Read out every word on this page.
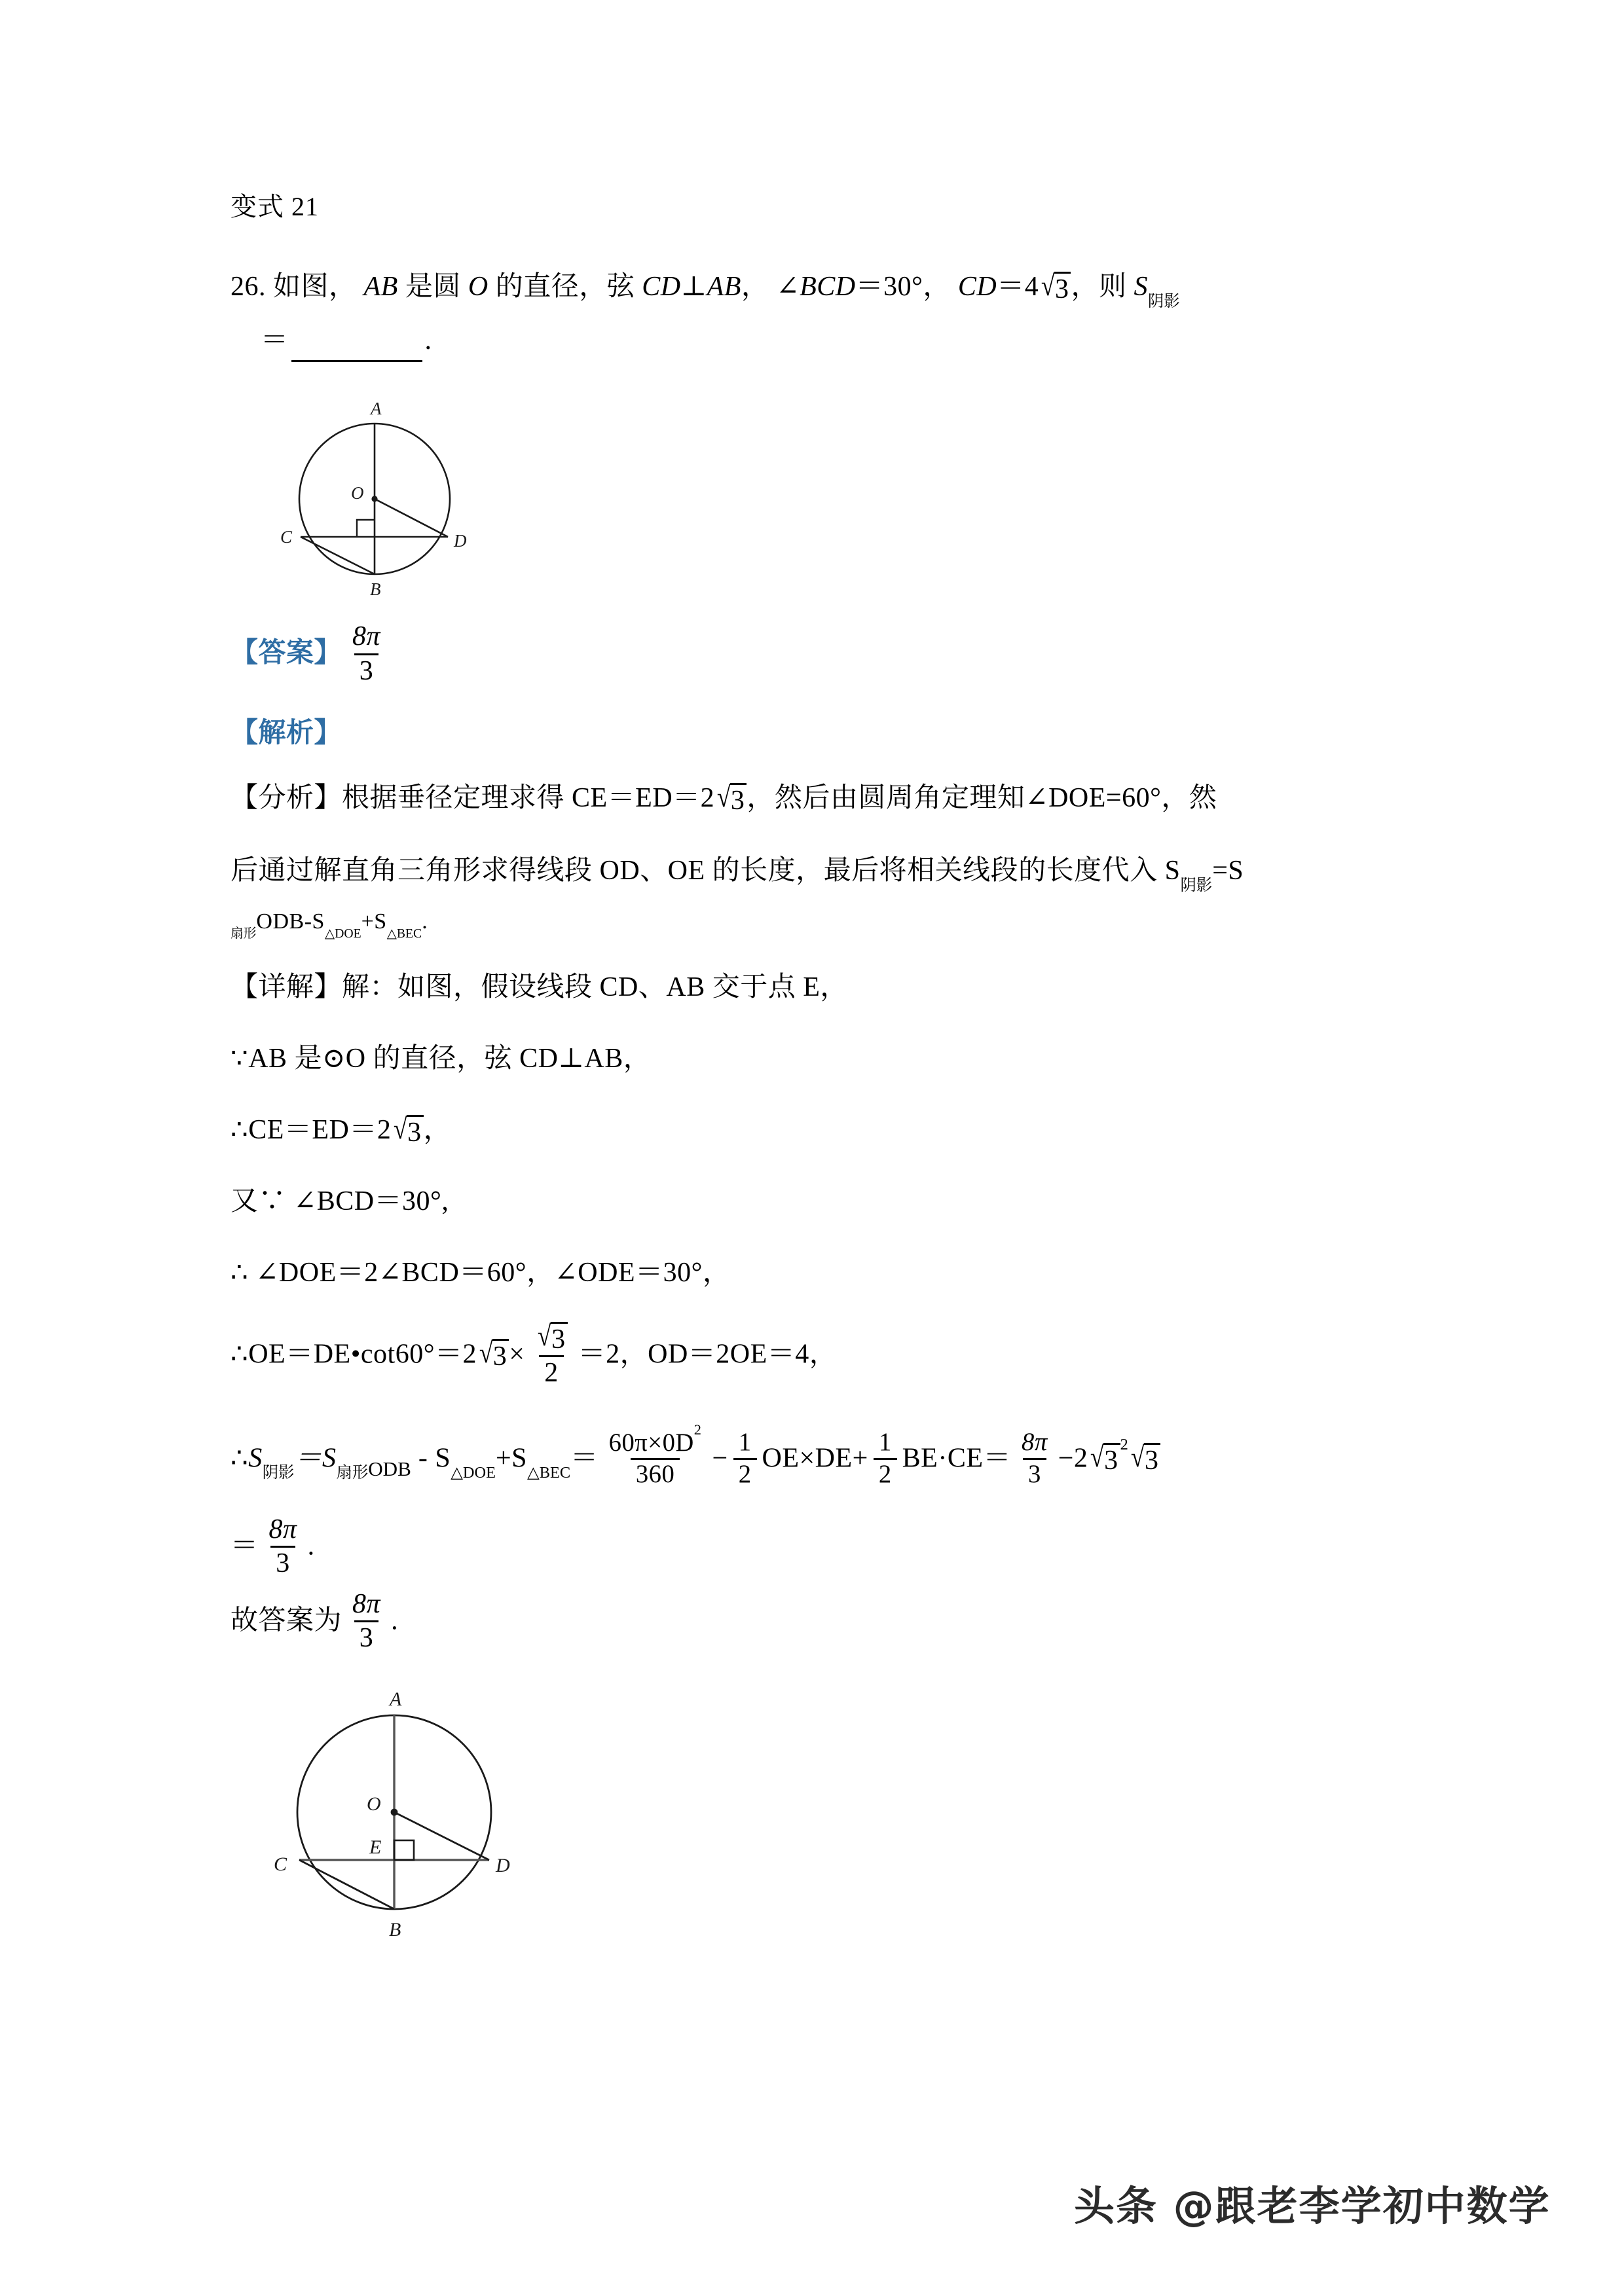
变式 21
26. 如图， AB 是圆 O 的直径，弦 CD⊥AB， ∠BCD＝30°， CD＝4 √ 3 ，则 $S_{阴影}$
＝	.
A
B
C	D
O
【答案】 $\frac{8\pi}{3}$
【解析】
【分析】根据垂径定理求得 CE＝ED＝2 √ 3 ，然后由圆周角定理知∠DOE=60°，然
后通过解直角三角形求得线段 OD、OE 的长度，最后将相关线段的长度代入 $S_{阴影}=S$
$_{扇形}ODB-S_{\triangle DOE}+S_{\triangle BEC}$.
【详解】解：如图，假设线段 CD、AB 交于点 E，
∵AB 是⊙O 的直径，弦 CD⊥AB，
∴CE＝ED＝2 √ 3 ，
又∵ ∠BCD＝30°,
∴ ∠DOE＝2∠BCD＝60°，∠ODE＝30°，
∴OE＝DE•cot60°＝2 √ $3 \times \frac{√ 3}{2} =2$，OD＝2OE＝4，
$\therefore S_{阴影}=S_{扇形ODB} - S_{\triangle DOE}+S_{\triangle BEC}= \frac{60\pi\times 0D^2}{360} - \frac{1}{2} OE\times DE+ \frac{1}{2} BE\cdot CE= \frac{8\pi}{3} -2$ √ 3
$^2$ √ 3
＝ $\frac{8\pi}{3}$ .
故答案为 $\frac{8\pi}{3}$ .
A
B
C	D
O
E
头条 @跟老李学初中数学
